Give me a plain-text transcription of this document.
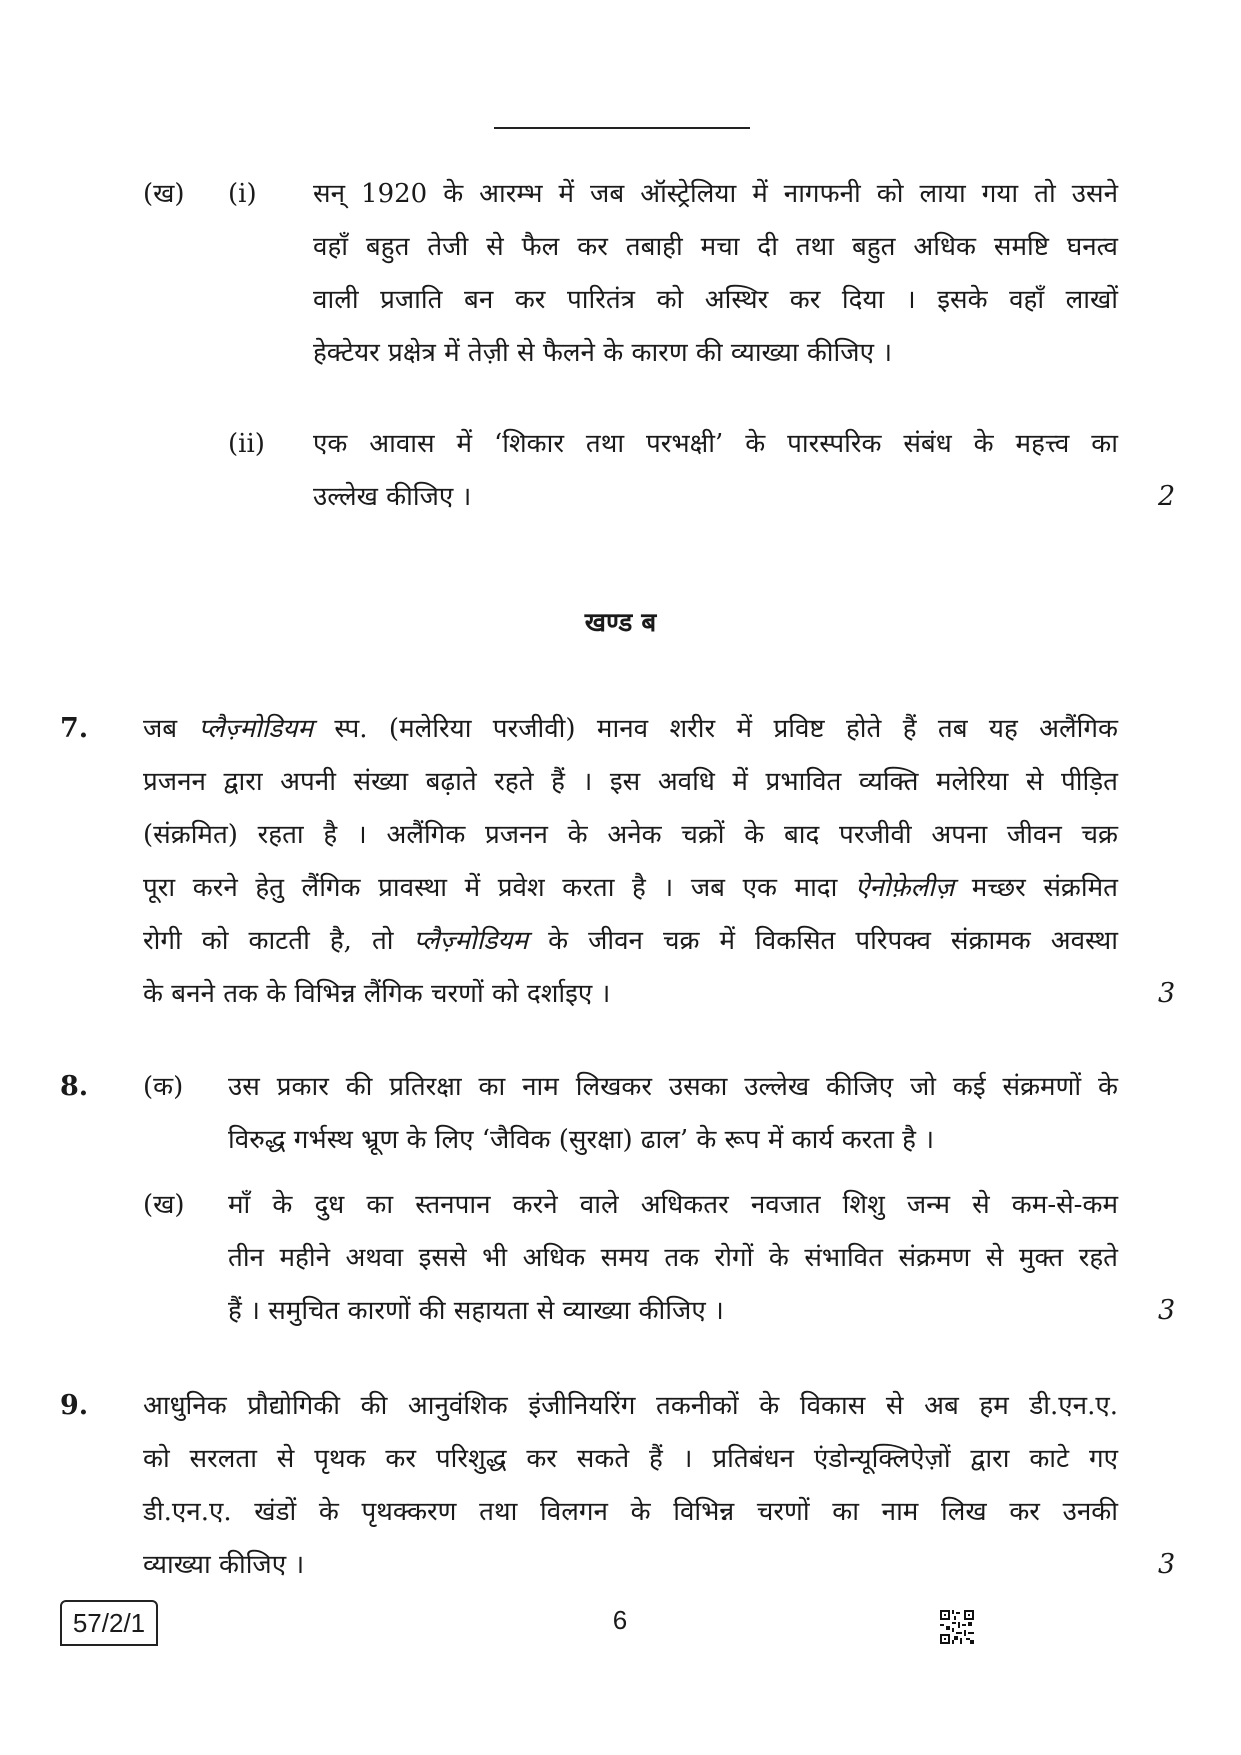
(ख) (i) सन् 1920 के आरम्भ में जब ऑस्ट्रेलिया में नागफनी को लाया गया तो उसने
वहाँ बहुत तेजी से फैल कर तबाही मचा दी तथा बहुत अधिक समष्टि घनत्व
वाली प्रजाति बन कर पारितंत्र को अस्थिर कर दिया । इसके वहाँ लाखों
हेक्टेयर प्रक्षेत्र में तेज़ी से फैलने के कारण की व्याख्या कीजिए ।
(ii) एक आवास में ‘शिकार तथा परभक्षी’ के पारस्परिक संबंध के महत्त्व का
उल्लेख कीजिए ।	2
खण्ड ब
7. जब प्लैज़्मोडियम स्प. (मलेरिया परजीवी) मानव शरीर में प्रविष्ट होते हैं तब यह अलैंगिक
प्रजनन द्वारा अपनी संख्या बढ़ाते रहते हैं । इस अवधि में प्रभावित व्यक्ति मलेरिया से पीड़ित
(संक्रमित) रहता है । अलैंगिक प्रजनन के अनेक चक्रों के बाद परजीवी अपना जीवन चक्र
पूरा करने हेतु लैंगिक प्रावस्था में प्रवेश करता है । जब एक मादा ऐनोफ़ेलीज़ मच्छर संक्रमित
रोगी को काटती है, तो प्लैज़्मोडियम के जीवन चक्र में विकसित परिपक्व संक्रामक अवस्था
के बनने तक के विभिन्न लैंगिक चरणों को दर्शाइए ।	3
8. (क) उस प्रकार की प्रतिरक्षा का नाम लिखकर उसका उल्लेख कीजिए जो कई संक्रमणों के
विरुद्ध गर्भस्थ भ्रूण के लिए ‘जैविक (सुरक्षा) ढाल’ के रूप में कार्य करता है ।
(ख) माँ के दुध का स्तनपान करने वाले अधिकतर नवजात शिशु जन्म से कम-से-कम
तीन महीने अथवा इससे भी अधिक समय तक रोगों के संभावित संक्रमण से मुक्त रहते
हैं । समुचित कारणों की सहायता से व्याख्या कीजिए ।	3
9. आधुनिक प्रौद्योगिकी की आनुवंशिक इंजीनियरिंग तकनीकों के विकास से अब हम डी.एन.ए.
को सरलता से पृथक कर परिशुद्ध कर सकते हैं । प्रतिबंधन एंडोन्यूक्लिऐज़ों द्वारा काटे गए
डी.एन.ए. खंडों के पृथक्करण तथा विलगन के विभिन्न चरणों का नाम लिख कर उनकी
व्याख्या कीजिए ।	3
57/2/1	6
